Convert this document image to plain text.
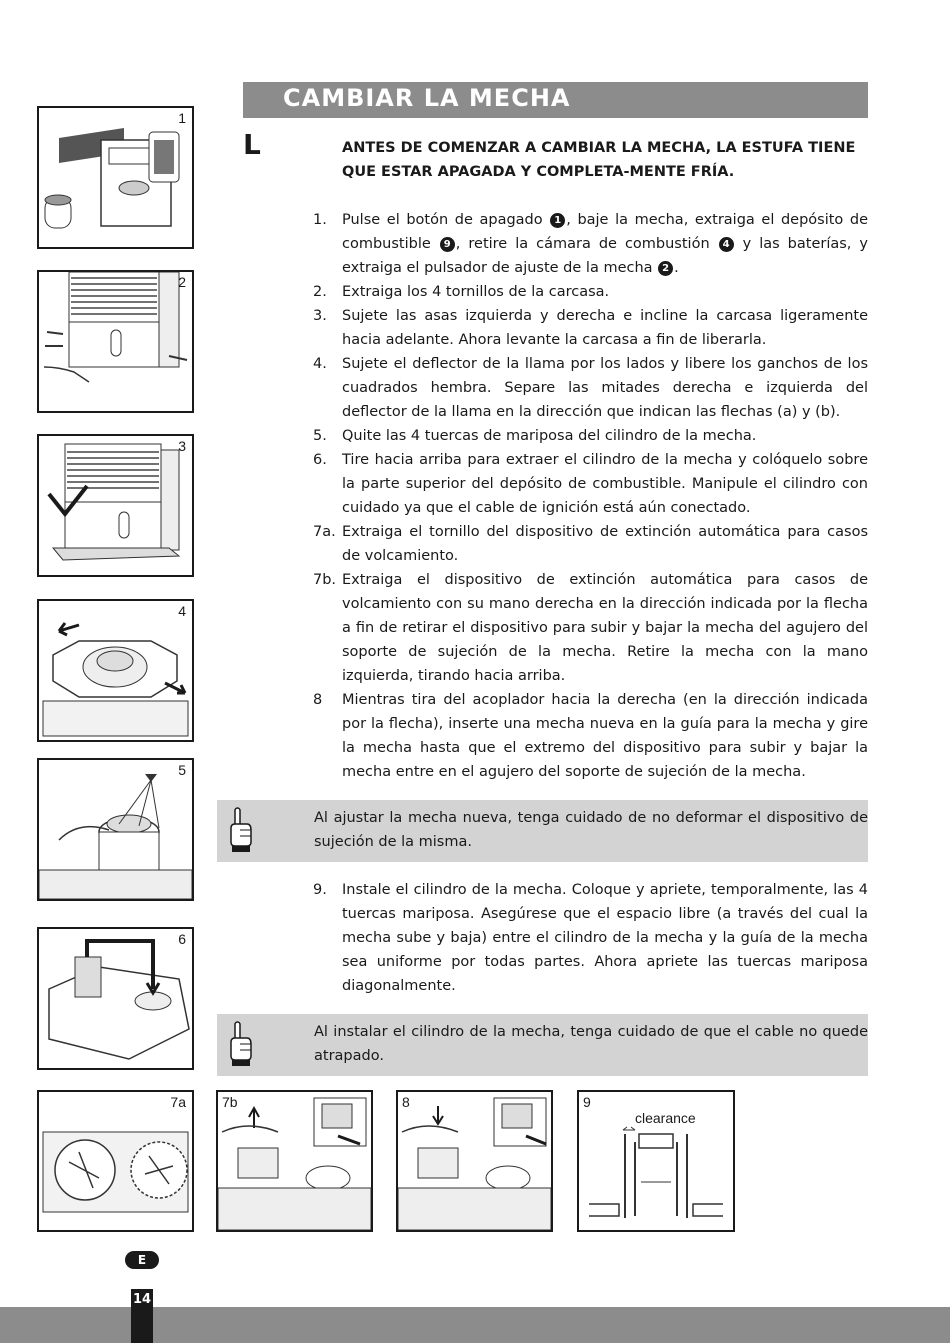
CAMBIAR LA MECHA
L	ANTES DE COMENZAR A CAMBIAR LA MECHA, LA ESTUFA TIENE QUE ESTAR APAGADA Y COMPLETA-MENTE FRÍA.
1. Pulse el botón de apagado 1 , baje la mecha, extraiga el depósito de combustible 9 , retire la cámara de combustión 4 y las baterías, y extraiga el pulsador de ajuste de la mecha 2 .
2. Extraiga los 4 tornillos de la carcasa.
3. Sujete las asas izquierda y derecha e incline la carcasa ligeramente hacia adelante. Ahora levante la carcasa a fin de liberarla.
4. Sujete el deflector de la llama por los lados y libere los ganchos de los cuadrados hembra. Separe las mitades derecha e izquierda del deflector de la llama en la dirección que indican las flechas (a) y (b).
5. Quite las 4 tuercas de mariposa del cilindro de la mecha.
6. Tire hacia arriba para extraer el cilindro de la mecha y colóquelo sobre la parte superior del depósito de combustible. Manipule el cilindro con cuidado ya que el cable de ignición está aún conectado.
7a. Extraiga el tornillo del dispositivo de extinción automática para casos de volcamiento.
7b. Extraiga el dispositivo de extinción automática para casos de volcamiento con su mano derecha en la dirección indicada por la flecha a fin de retirar el dispositivo para subir y bajar la mecha del agujero del soporte de sujeción de la mecha. Retire la mecha con la mano izquierda, tirando hacia arriba.
8 Mientras tira del acoplador hacia la derecha (en la dirección indicada por la flecha), inserte una mecha nueva en la guía para la mecha y gire la mecha hasta que el extremo del dispositivo para subir y bajar la mecha entre en el agujero del soporte de sujeción de la mecha.
Al ajustar la mecha nueva, tenga cuidado de no deformar el dispositivo de sujeción de la misma.
9. Instale el cilindro de la mecha. Coloque y apriete, temporalmente, las 4 tuercas mariposa. Asegúrese que el espacio libre (a través del cual la mecha sube y baja) entre el cilindro de la mecha y la guía de la mecha sea uniforme por todas partes. Ahora apriete las tuercas mariposa diagonalmente.
Al instalar el cilindro de la mecha, tenga cuidado de que el cable no quede atrapado.
1
2
3
4
5
6
7a	7b	8	9
clearance
E
14
